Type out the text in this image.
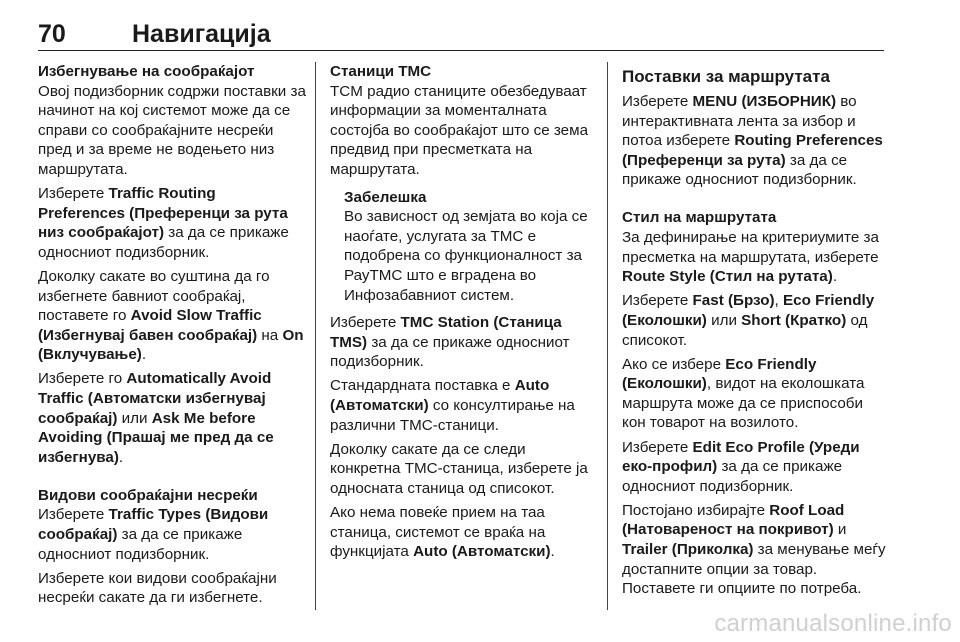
70	Навигација
Избегнување на сообраќајот

Овој подизборник содржи поставки за начинот на кој системот може да се справи со сообраќајните несреќи пред и за време не водењето низ маршрутата.

Изберете Traffic Routing Preferences (Преференци за рута низ сообраќајот) за да се прикаже односниот подизборник.

Доколку сакате во суштина да го избегнете бавниот сообраќај, поставете го Avoid Slow Traffic (Избегнувај бавен сообраќај) на On (Вклучување).

Изберете го Automatically Avoid Traffic (Автоматски избегнувај сообраќај) или Ask Me before Avoiding (Прашај ме пред да се избегнува).

Видови сообраќајни несреќи

Изберете Traffic Types (Видови сообраќај) за да се прикаже односниот подизборник.

Изберете кои видови сообраќајни несреќи сакате да ги избегнете.

Станици TMC

TCM радио станиците обезбедуваат информации за моменталната состојба во сообраќајот што се зема предвид при пресметката на маршрутата.

Забелешка

Во зависност од земјата во која се наоѓате, услугата за TMC е подобрена со функционалност за РауTMC што е вградена во Инфозабавниот систем.

Изберете TMC Station (Станица TMS) за да се прикаже односниот подизборник.

Стандардната поставка е Auto (Автоматски) со консултирање на различни TMC-станици.

Доколку сакате да се следи конкретна TMC-станица, изберете ја односната станица од списокот.

Ако нема повеќе прием на таа станица, системот се враќа на функцијата Auto (Автоматски).

Поставки за маршрутата

Изберете MENU (ИЗБОРНИК) во интерактивната лента за избор и потоа изберете Routing Preferences (Преференци за рута) за да се прикаже односниот подизборник.

Стил на маршрутата

За дефинирање на критериумите за пресметка на маршрутата, изберете Route Style (Стил на рутата).

Изберете Fast (Брзо), Eco Friendly (Еколошки) или Short (Кратко) од списокот.

Ако се избере Eco Friendly (Еколошки), видот на еколошката маршрута може да се приспособи кон товарот на возилото.

Изберете Edit Eco Profile (Уреди еко-профил) за да се прикаже односниот подизборник.

Постојано избирајте Roof Load (Натовареност на покривот) и Trailer (Приколка) за менување меѓу достапните опции за товар. Поставете ги опциите по потреба.

carmanualsonline.info
